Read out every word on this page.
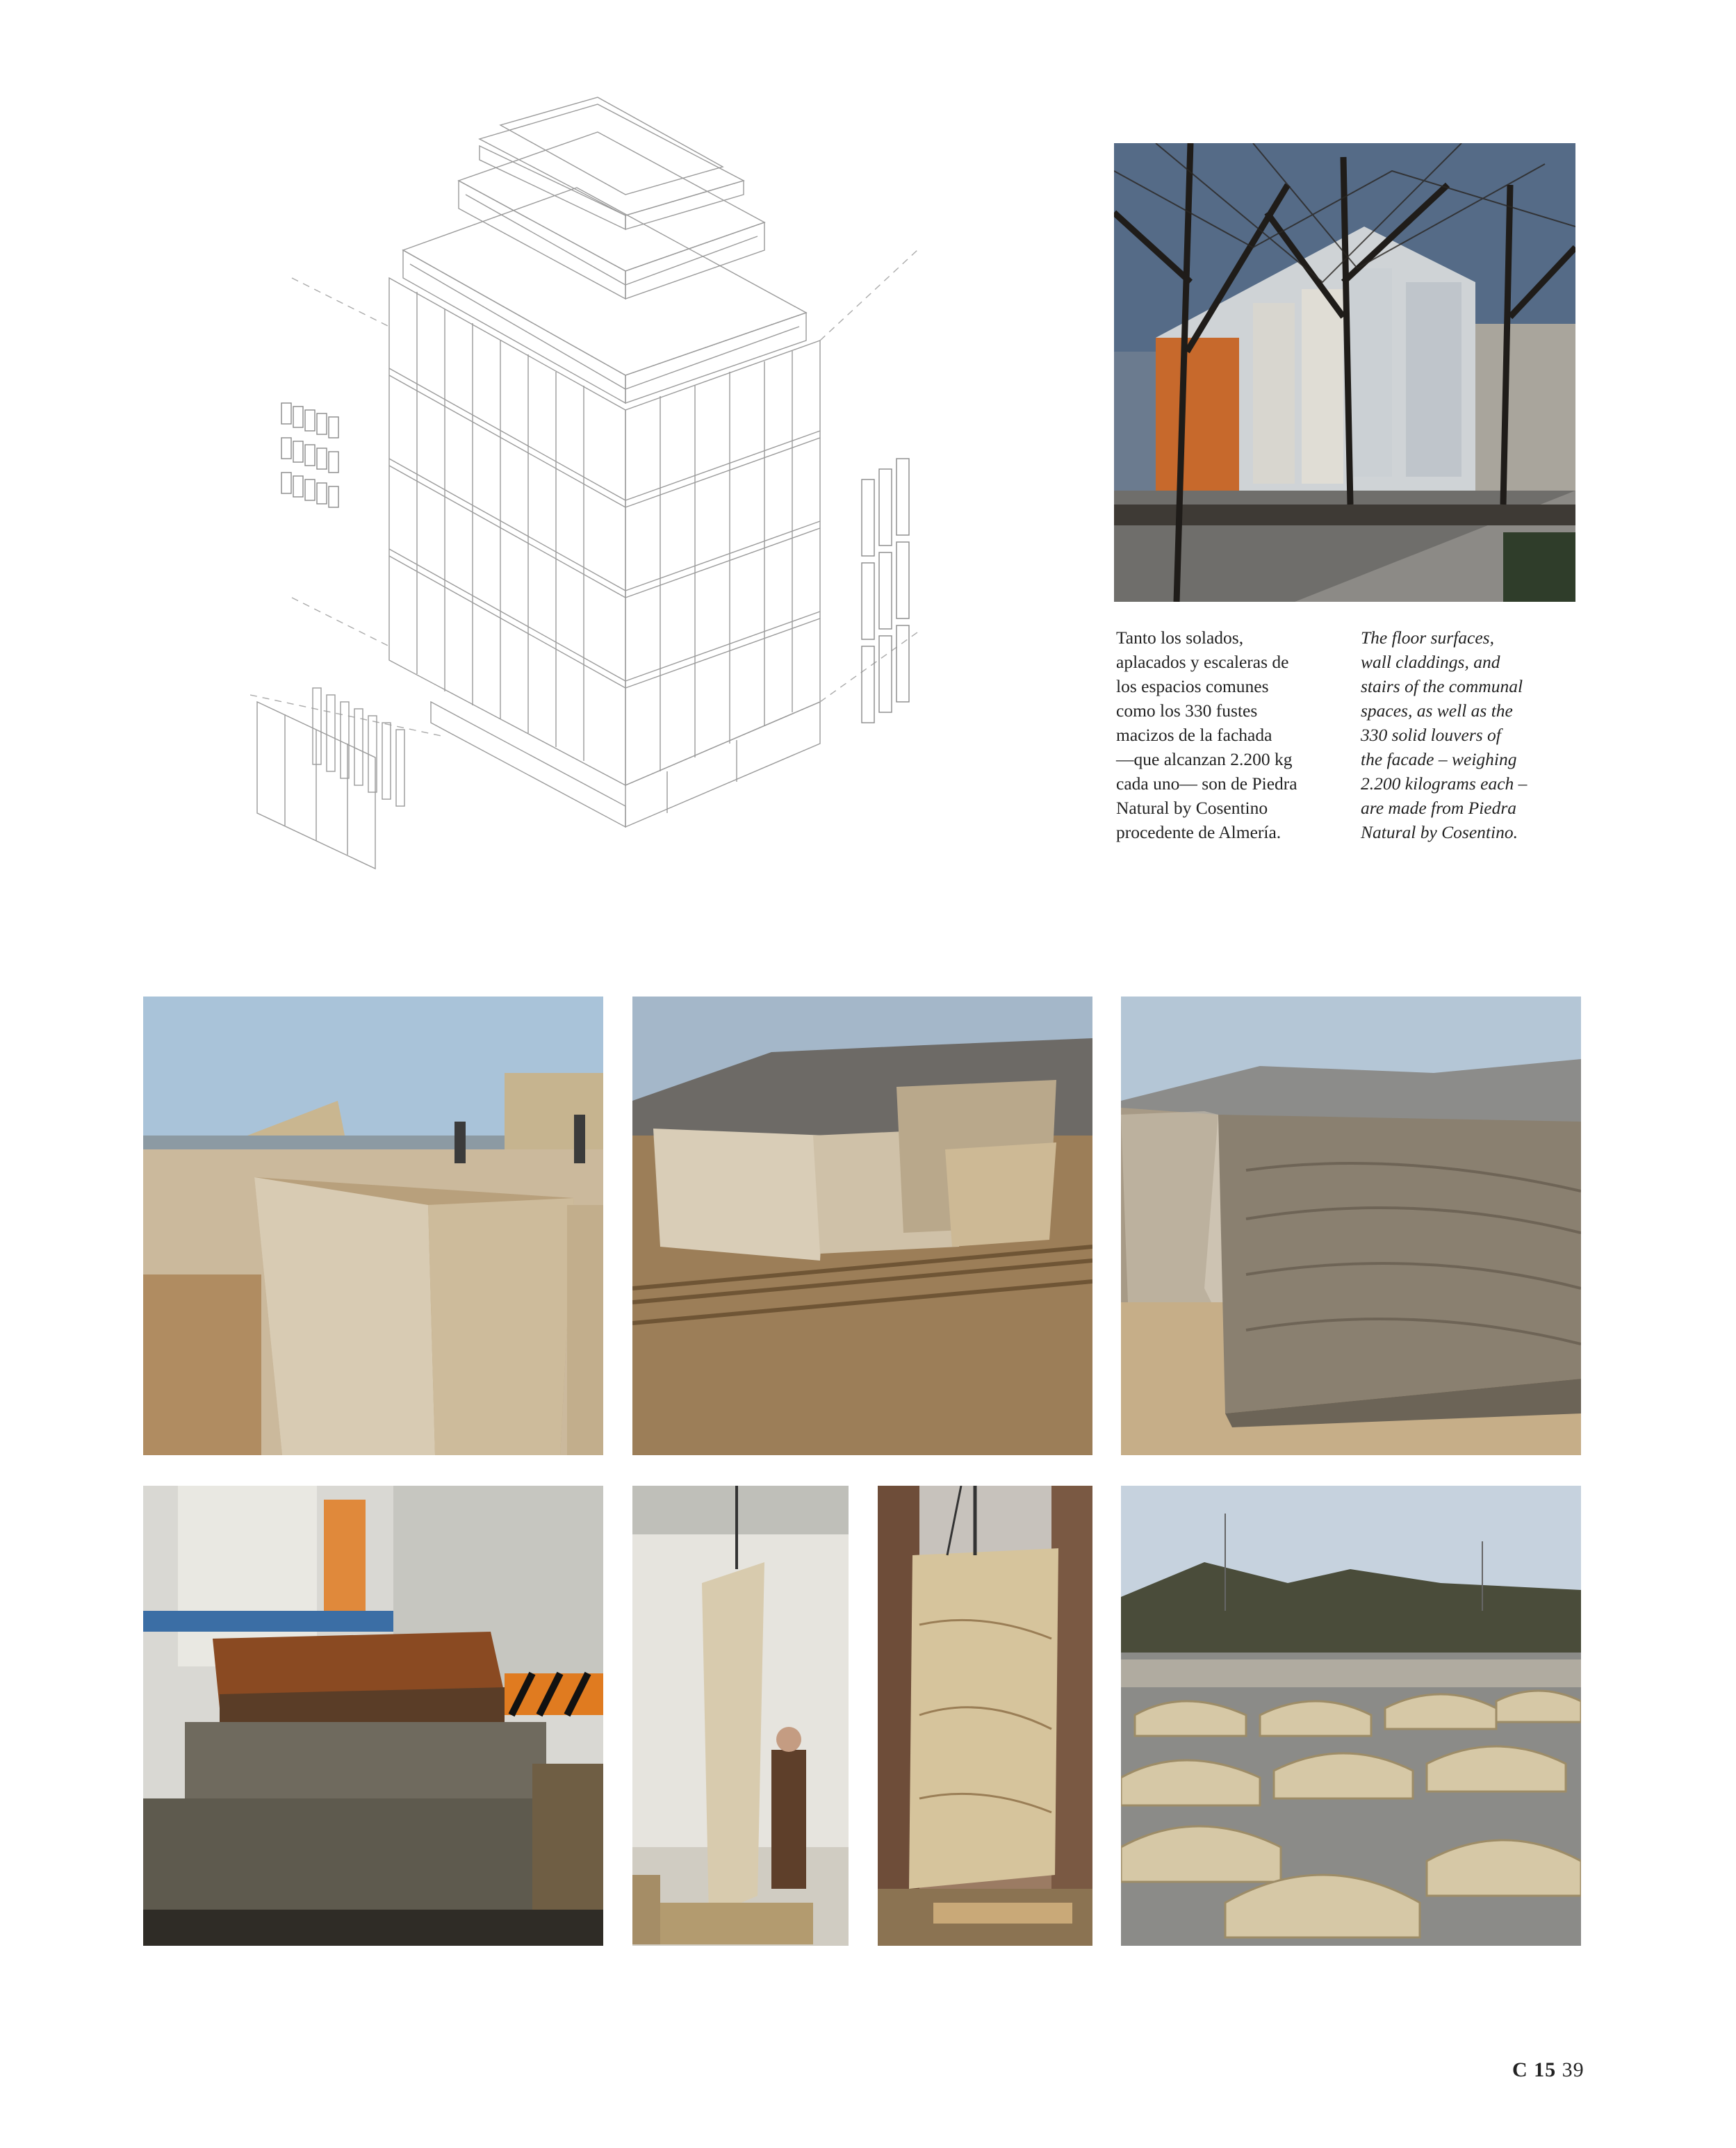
Tanto los solados,
aplacados y escaleras de
los espacios comunes
como los 330 fustes
macizos de la fachada
—que alcanzan 2.200 kg
cada uno— son de Piedra
Natural by Cosentino
procedente de Almería.
The floor surfaces,
wall claddings, and
stairs of the communal
spaces, as well as the
330 solid louvers of
the facade – weighing
2.200 kilograms each –
are made from Piedra
Natural by Cosentino.
C 15 39
